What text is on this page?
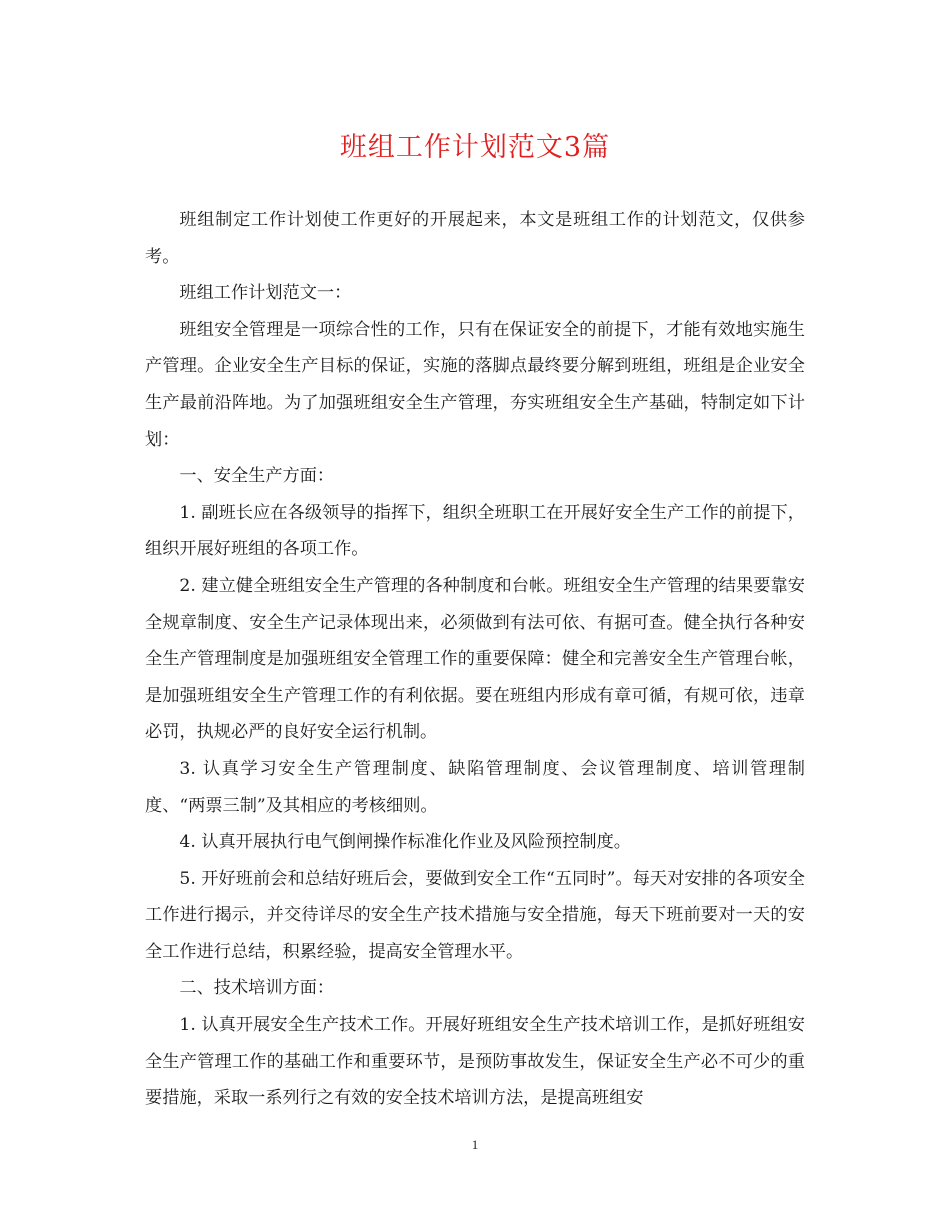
班组工作计划范文3篇

班组制定工作计划使工作更好的开展起来，本文是班组工作的计划范文，仅供参考。

班组工作计划范文一：

班组安全管理是一项综合性的工作，只有在保证安全的前提下，才能有效地实施生产管理。企业安全生产目标的保证，实施的落脚点最终要分解到班组，班组是企业安全生产最前沿阵地。为了加强班组安全生产管理，夯实班组安全生产基础，特制定如下计划：

一、安全生产方面：

1. 副班长应在各级领导的指挥下，组织全班职工在开展好安全生产工作的前提下，组织开展好班组的各项工作。

2. 建立健全班组安全生产管理的各种制度和台帐。班组安全生产管理的结果要靠安全规章制度、安全生产记录体现出来，必须做到有法可依、有据可查。健全执行各种安全生产管理制度是加强班组安全管理工作的重要保障：健全和完善安全生产管理台帐，是加强班组安全生产管理工作的有利依据。要在班组内形成有章可循，有规可依，违章必罚，执规必严的良好安全运行机制。

3. 认真学习安全生产管理制度、缺陷管理制度、会议管理制度、培训管理制度、“两票三制”及其相应的考核细则。

4. 认真开展执行电气倒闸操作标准化作业及风险预控制度。

5. 开好班前会和总结好班后会，要做到安全工作“五同时”。每天对安排的各项安全工作进行揭示，并交待详尽的安全生产技术措施与安全措施，每天下班前要对一天的安全工作进行总结，积累经验，提高安全管理水平。

二、技术培训方面：

1. 认真开展安全生产技术工作。开展好班组安全生产技术培训工作，是抓好班组安全生产管理工作的基础工作和重要环节，是预防事故发生，保证安全生产必不可少的重要措施，采取一系列行之有效的安全技术培训方法，是提高班组安

1
